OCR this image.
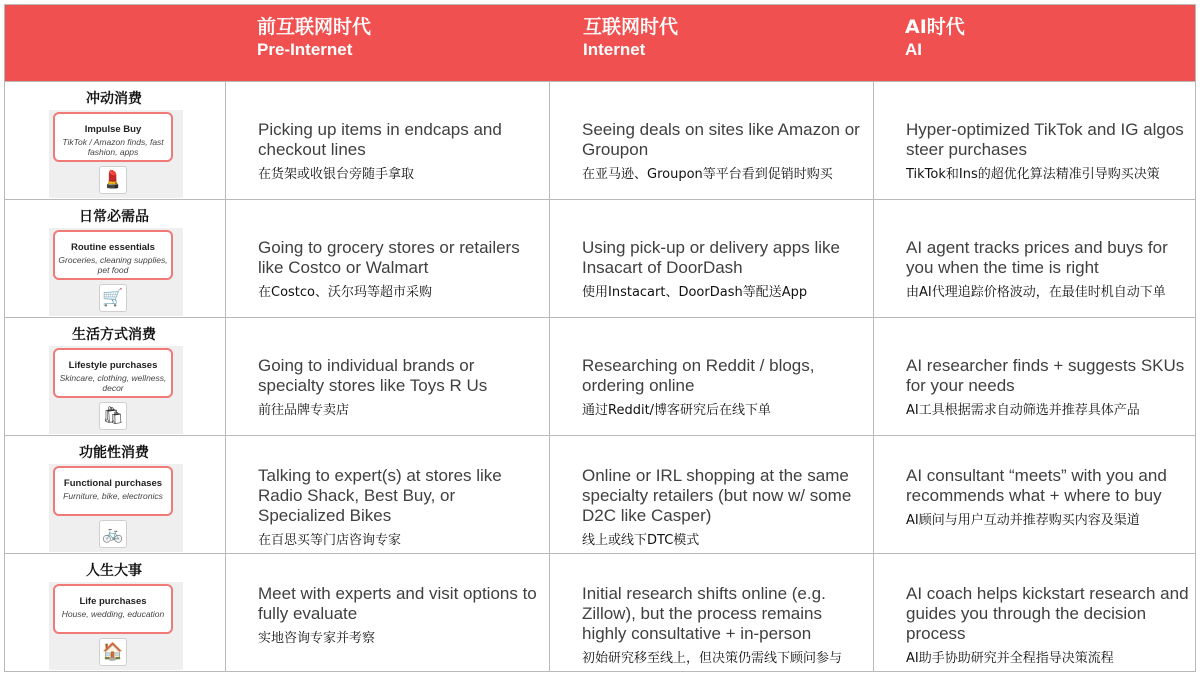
前互联网时代
Pre-Internet
互联网时代
Internet
AI时代
AI
冲动消费
Impulse Buy
TikTok / Amazon finds, fast fashion, apps
💄
Picking up items in endcaps and checkout lines
在货架或收银台旁随手拿取
Seeing deals on sites like Amazon or Groupon
在亚马逊、Groupon等平台看到促销时购买
Hyper-optimized TikTok and IG algos steer purchases
TikTok和Ins的超优化算法精准引导购买决策
日常必需品
Routine essentials
Groceries, cleaning supplies, pet food
🛒
Going to grocery stores or retailers like Costco or Walmart
在Costco、沃尔玛等超市采购
Using pick-up or delivery apps like Insacart of DoorDash
使用Instacart、DoorDash等配送App
AI agent tracks prices and buys for you when the time is right
由AI代理追踪价格波动，在最佳时机自动下单
生活方式消费
Lifestyle purchases
Skincare, clothing, wellness, decor
🛍
Going to individual brands or specialty stores like Toys R Us
前往品牌专卖店
Researching on Reddit / blogs, ordering online
通过Reddit/博客研究后在线下单
AI researcher finds + suggests SKUs for your needs
AI工具根据需求自动筛选并推荐具体产品
功能性消费
Functional purchases
Furniture, bike, electronics
🚲
Talking to expert(s) at stores like Radio Shack, Best Buy, or Specialized Bikes
在百思买等门店咨询专家
Online or IRL shopping at the same specialty retailers (but now w/ some D2C like Casper)
线上或线下DTC模式
AI consultant “meets” with you and recommends what + where to buy
AI顾问与用户互动并推荐购买内容及渠道
人生大事
Life purchases
House, wedding, education
🏠
Meet with experts and visit options to fully evaluate
实地咨询专家并考察
Initial research shifts online (e.g. Zillow), but the process remains highly consultative + in-person
初始研究移至线上，但决策仍需线下顾问参与
AI coach helps kickstart research and guides you through the decision process
AI助手协助研究并全程指导决策流程
